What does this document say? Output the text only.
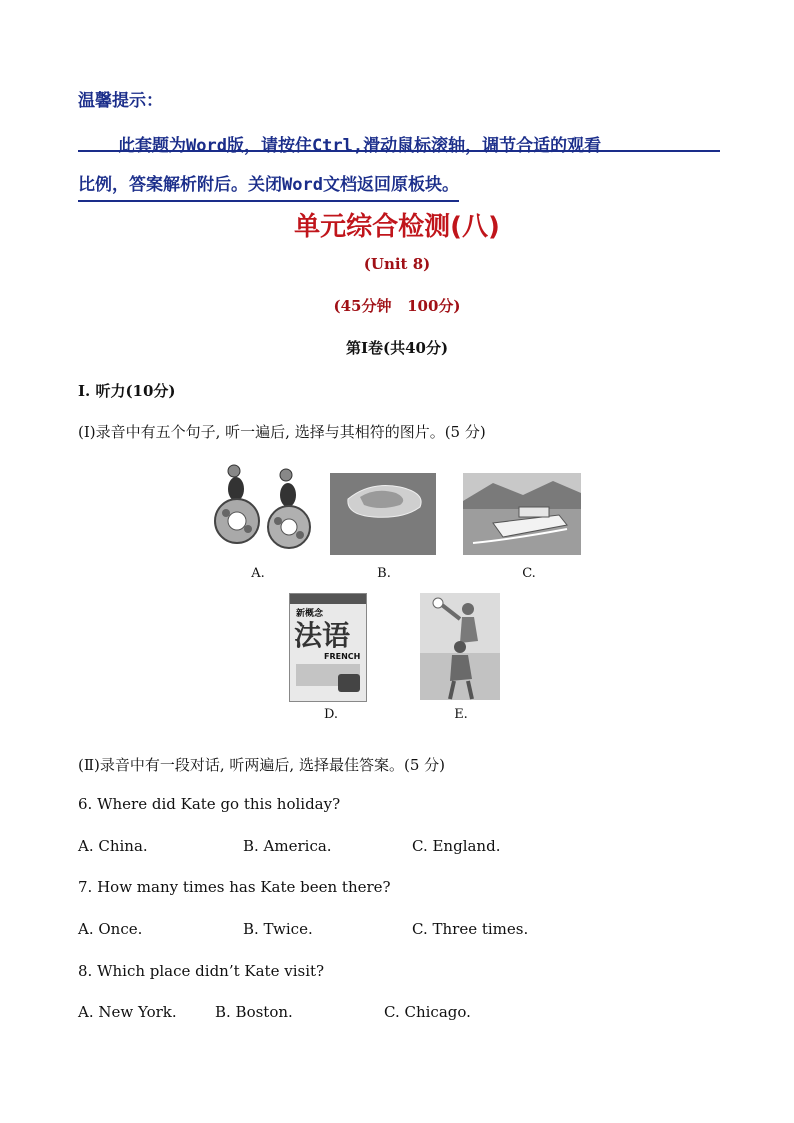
温馨提示：
此套题为Word版，请按住Ctrl,滑动鼠标滚轴，调节合适的观看
比例，答案解析附后。关闭Word文档返回原板块。
单元综合检测(八)
(Unit 8)
(45分钟   100分)
第Ⅰ卷(共40分)
Ⅰ. 听力(10分)
(Ⅰ)录音中有五个句子, 听一遍后, 选择与其相符的图片。(5 分)
A.	B.	C.
新概念
法语
FRENCH
D.	E.
(Ⅱ)录音中有一段对话, 听两遍后, 选择最佳答案。(5 分)
6. Where did Kate go this holiday?
A. China.	B. America.	C. England.
7. How many times has Kate been there?
A. Once.	B. Twice.	C. Three times.
8. Which place didn’t Kate visit?
A. New York.	B. Boston.	C. Chicago.
